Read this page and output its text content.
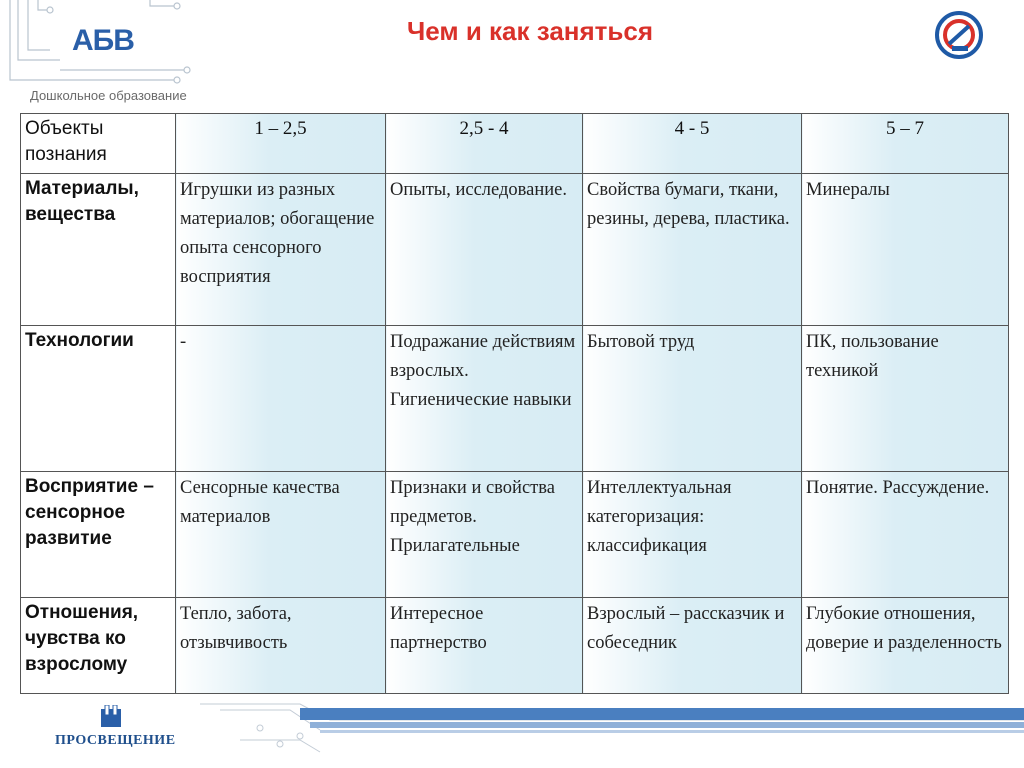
АБВ
Дошкольное образование
Чем и как заняться
Объекты познания	1 – 2,5	2,5 - 4	4 - 5	5 – 7

Материалы, вещества	Игрушки из разных материалов; обогащение опыта сенсорного восприятия	Опыты, исследование.	Свойства бумаги, ткани, резины, дерева, пластика.	Минералы

Технологии	-	Подражание действиям взрослых. Гигиенические навыки	Бытовой труд	ПК, пользование техникой

Восприятие – сенсорное развитие	Сенсорные качества материалов	Признаки и свойства предметов. Прилагательные	Интеллектуальная категоризация: классификация	Понятие. Рассуждение.

Отношения, чувства ко взрослому	Тепло, забота, отзывчивость	Интересное партнерство	Взрослый – рассказчик и собеседник	Глубокие отношения, доверие и разделенность
ПРОСВЕЩЕНИЕ
